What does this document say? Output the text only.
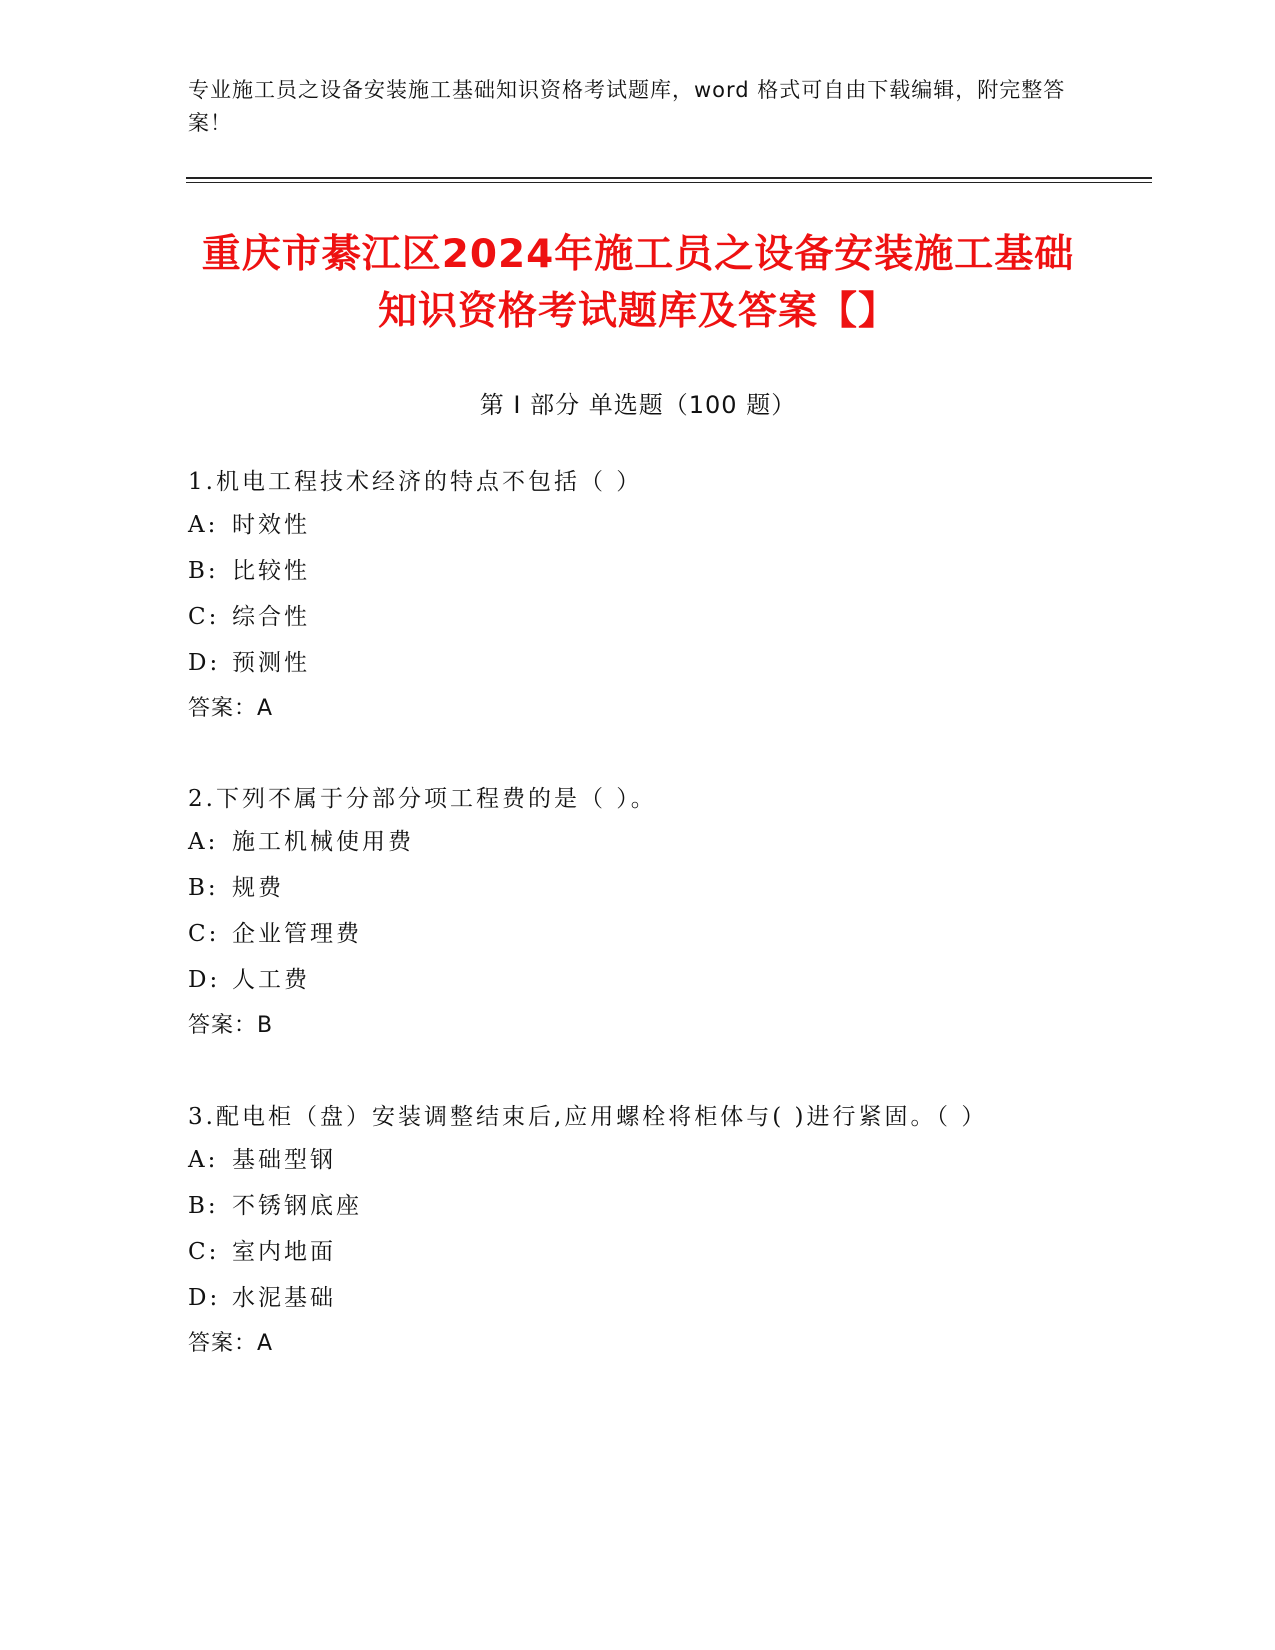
专业施工员之设备安装施工基础知识资格考试题库，word 格式可自由下载编辑，附完整答案！
重庆市綦江区2024年施工员之设备安装施工基础知识资格考试题库及答案【】
第 I 部分 单选题（100 题）
1.机电工程技术经济的特点不包括（ ）
A: 时效性
B: 比较性
C: 综合性
D: 预测性
答案：A
2.下列不属于分部分项工程费的是（ ）。
A: 施工机械使用费
B: 规费
C: 企业管理费
D: 人工费
答案：B
3.配电柜（盘）安装调整结束后,应用螺栓将柜体与( )进行紧固。（ ）
A: 基础型钢
B: 不锈钢底座
C: 室内地面
D: 水泥基础
答案：A
